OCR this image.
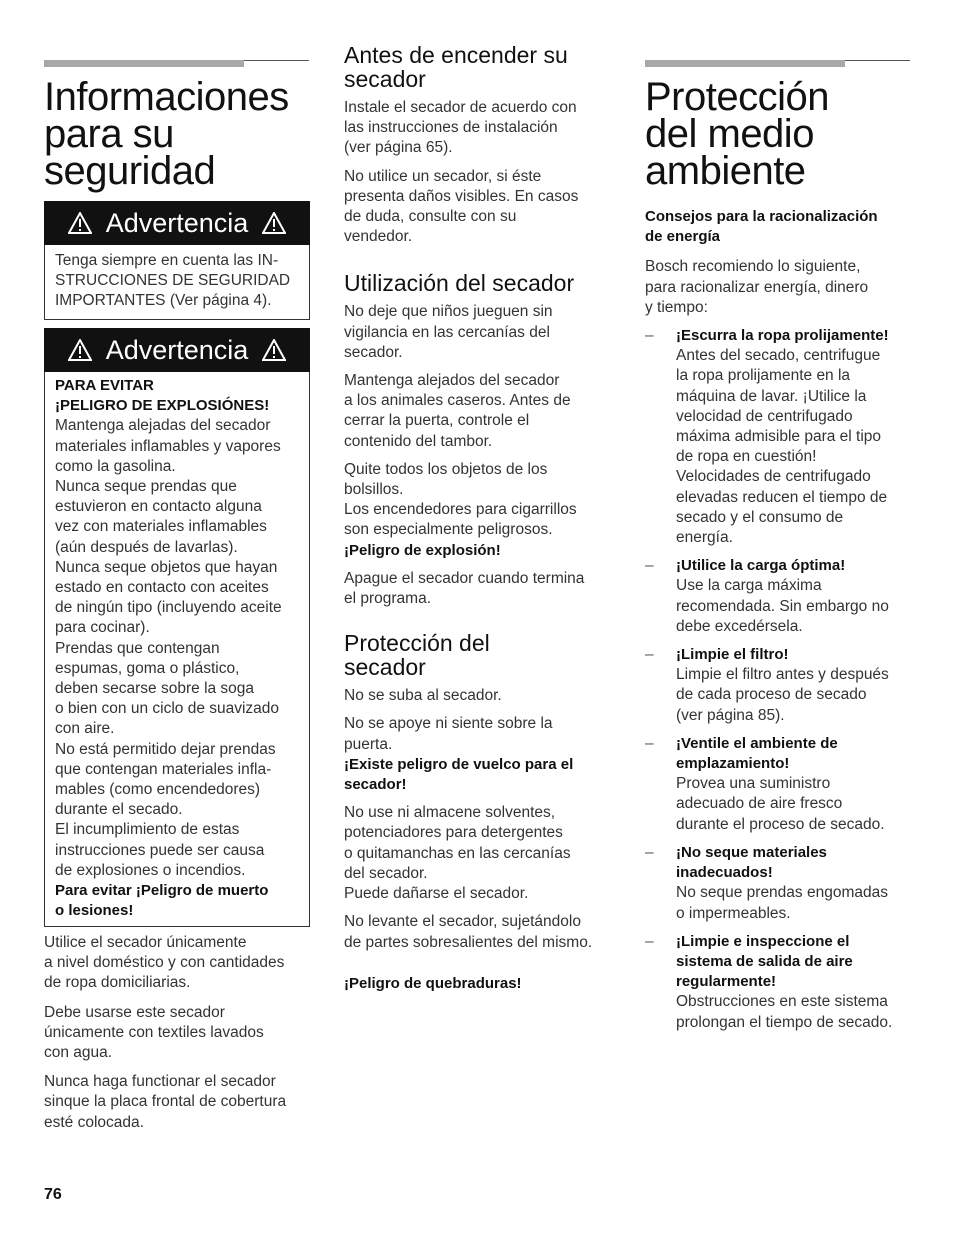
Informaciones
para su
seguridad
Advertencia
Tenga siempre en cuenta las IN-
STRUCCIONES DE SEGURIDAD
IMPORTANTES (Ver página 4).
Advertencia
PARA EVITAR
¡PELIGRO DE EXPLOSIÓNES!
Mantenga alejadas del secador
materiales inflamables y vapores
como la gasolina.
Nunca seque prendas que
estuvieron en contacto alguna
vez con materiales inflamables
(aún después de lavarlas).
Nunca seque objetos que hayan
estado en contacto con aceites
de ningún tipo (incluyendo aceite
para cocinar).
Prendas que contengan
espumas, goma o plástico,
deben secarse sobre la soga
o bien con un ciclo de suavizado
con aire.
No está permitido dejar prendas
que contengan materiales infla-
mables (como encendedores)
durante el secado.
El incumplimiento de estas
instrucciones puede ser causa
de explosiones o incendios.
Para evitar ¡Peligro de muerto
o lesiones!
Utilice el secador únicamente
a nivel doméstico y con cantidades
de ropa domiciliarias.
Debe usarse este secador
únicamente con textiles lavados
con agua.
Nunca haga functionar el secador
sinque la placa frontal de cobertura
esté colocada.
76
Antes de encender su
secador
Instale el secador de acuerdo con
las instrucciones de instalación
(ver página 65).
No utilice un secador, si éste
presenta daños visibles. En casos
de duda, consulte con su
vendedor.
Utilización del secador
No deje que niños jueguen sin
vigilancia en las cercanías del
secador.
Mantenga alejados del secador
a los animales caseros. Antes de
cerrar la puerta, controle el
contenido del tambor.
Quite todos los objetos de los
bolsillos.
Los encendedores para cigarrillos
son especialmente peligrosos.
¡Peligro de explosión!
Apague el secador cuando termina
el programa.
Protección del
secador
No se suba al secador.
No se apoye ni siente sobre la
puerta.
¡Existe peligro de vuelco para el
secador!
No use ni almacene solventes,
potenciadores para detergentes
o quitamanchas en las cercanías
del secador.
Puede dañarse el secador.
No levante el secador, sujetándolo
de partes sobresalientes del mismo.
¡Peligro de quebraduras!
Protección
del medio
ambiente
Consejos para la racionalización
de energía
Bosch recomiendo lo siguiente,
para racionalizar energía, dinero
y tiempo:
– ¡Escurra la ropa prolijamente!
Antes del secado, centrifugue
la ropa prolijamente en la
máquina de lavar. ¡Utilice la
velocidad de centrifugado
máxima admisible para el tipo
de ropa en cuestión!
Velocidades de centrifugado
elevadas reducen el tiempo de
secado y el consumo de
energía.
– ¡Utilice la carga óptima!
Use la carga máxima
recomendada. Sin embargo no
debe excedérsela.
– ¡Limpie el filtro!
Limpie el filtro antes y después
de cada proceso de secado
(ver página 85).
– ¡Ventile el ambiente de
emplazamiento!
Provea una suministro
adecuado de aire fresco
durante el proceso de secado.
– ¡No seque materiales
inadecuados!
No seque prendas engomadas
o impermeables.
– ¡Limpie e inspeccione el
sistema de salida de aire
regularmente!
Obstrucciones en este sistema
prolongan el tiempo de secado.
